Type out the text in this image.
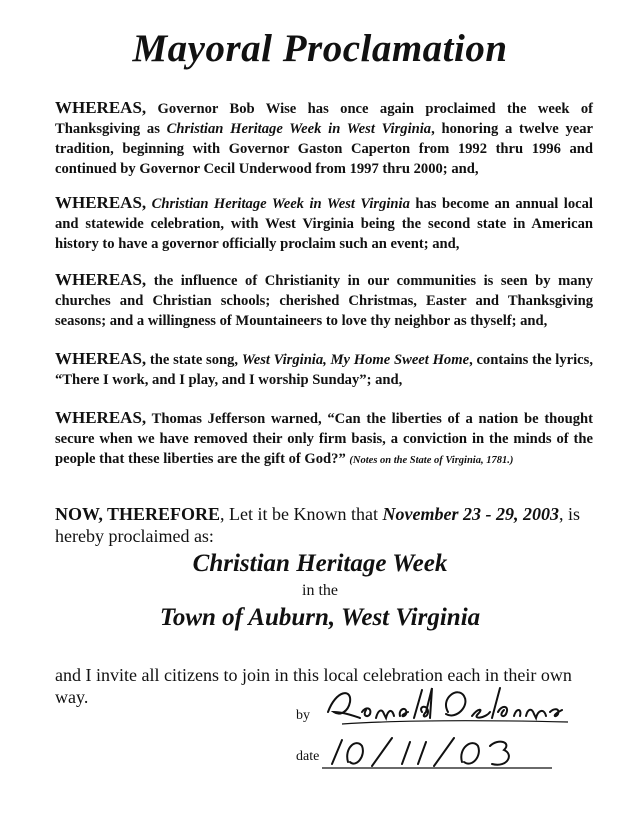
Mayoral Proclamation

WHEREAS, Governor Bob Wise has once again proclaimed the week of Thanksgiving as Christian Heritage Week in West Virginia, honoring a twelve year tradition, beginning with Governor Gaston Caperton from 1992 thru 1996 and continued by Governor Cecil Underwood from 1997 thru 2000; and,

WHEREAS, Christian Heritage Week in West Virginia has become an annual local and statewide celebration, with West Virginia being the second state in American history to have a governor officially proclaim such an event; and,

WHEREAS, the influence of Christianity in our communities is seen by many churches and Christian schools; cherished Christmas, Easter and Thanksgiving seasons; and a willingness of Mountaineers to love thy neighbor as thyself; and,

WHEREAS, the state song, West Virginia, My Home Sweet Home, contains the lyrics, “There I work, and I play, and I worship Sunday”; and,

WHEREAS, Thomas Jefferson warned, “Can the liberties of a nation be thought secure when we have removed their only firm basis, a conviction in the minds of the people that these liberties are the gift of God?” (Notes on the State of Virginia, 1781.)

NOW, THEREFORE, Let it be Known that November 23 - 29, 2003, is hereby proclaimed as:

Christian Heritage Week
in the
Town of Auburn, West Virginia

and I invite all citizens to join in this local celebration each in their own way.

by
date
